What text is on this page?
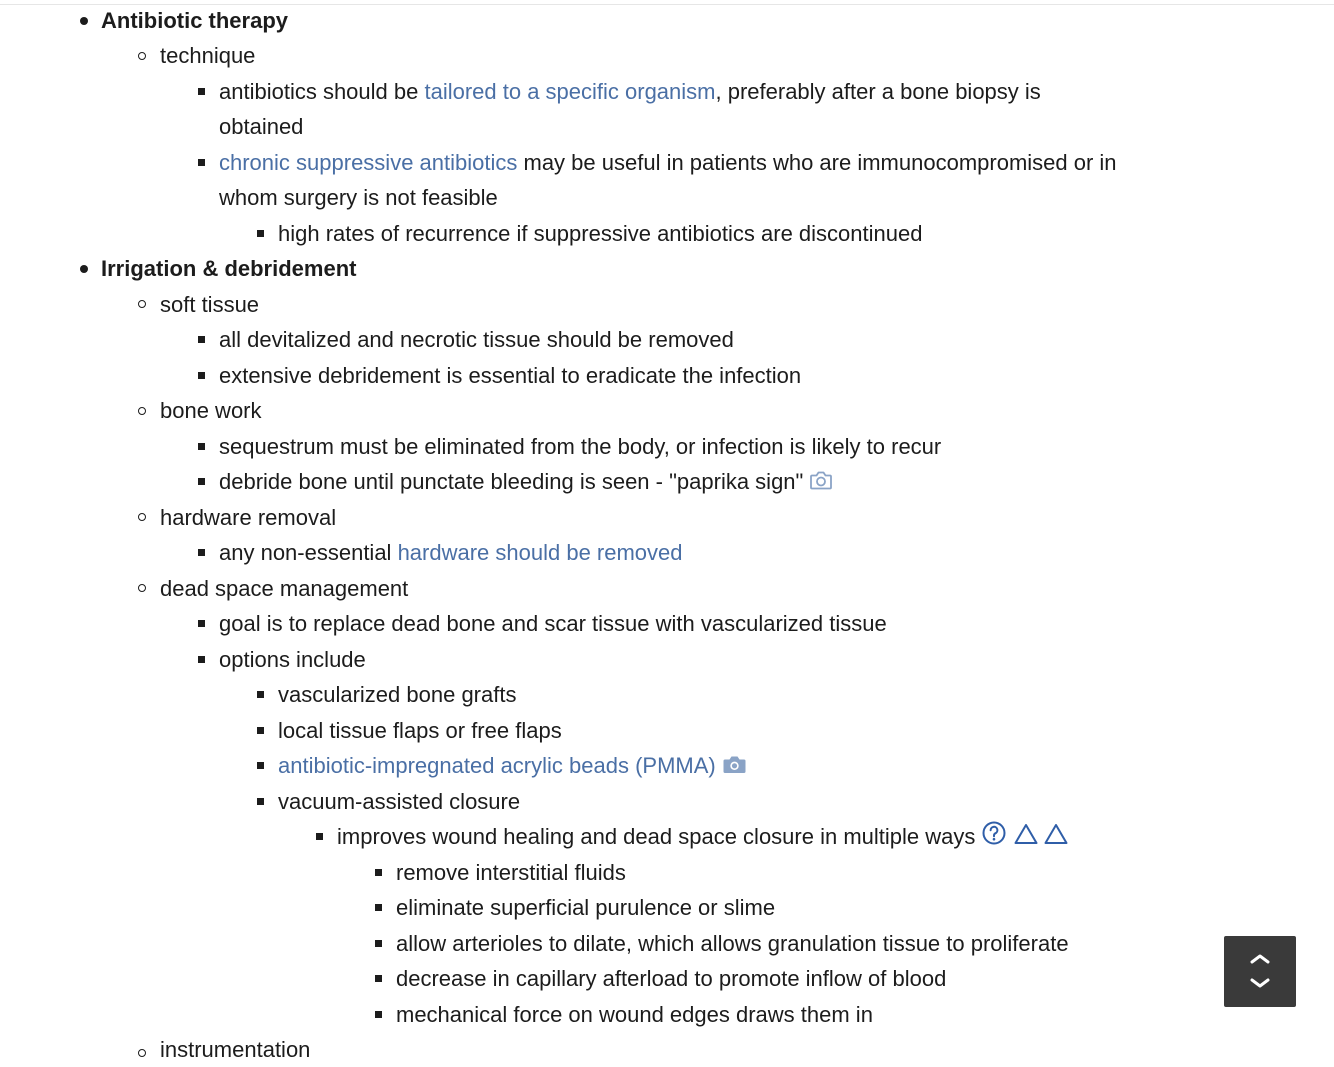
Antibiotic therapy
technique
antibiotics should be tailored to a specific organism, preferably after a bone biopsy is
obtained
chronic suppressive antibiotics may be useful in patients who are immunocompromised or in
whom surgery is not feasible
high rates of recurrence if suppressive antibiotics are discontinued
Irrigation & debridement
soft tissue
all devitalized and necrotic tissue should be removed
extensive debridement is essential to eradicate the infection
bone work
sequestrum must be eliminated from the body, or infection is likely to recur
debride bone until punctate bleeding is seen - "paprika sign"
hardware removal
any non-essential hardware should be removed
dead space management
goal is to replace dead bone and scar tissue with vascularized tissue
options include
vascularized bone grafts
local tissue flaps or free flaps
antibiotic-impregnated acrylic beads (PMMA)
vacuum-assisted closure
improves wound healing and dead space closure in multiple ways
remove interstitial fluids
eliminate superficial purulence or slime
allow arterioles to dilate, which allows granulation tissue to proliferate
decrease in capillary afterload to promote inflow of blood
mechanical force on wound edges draws them in
instrumentation
